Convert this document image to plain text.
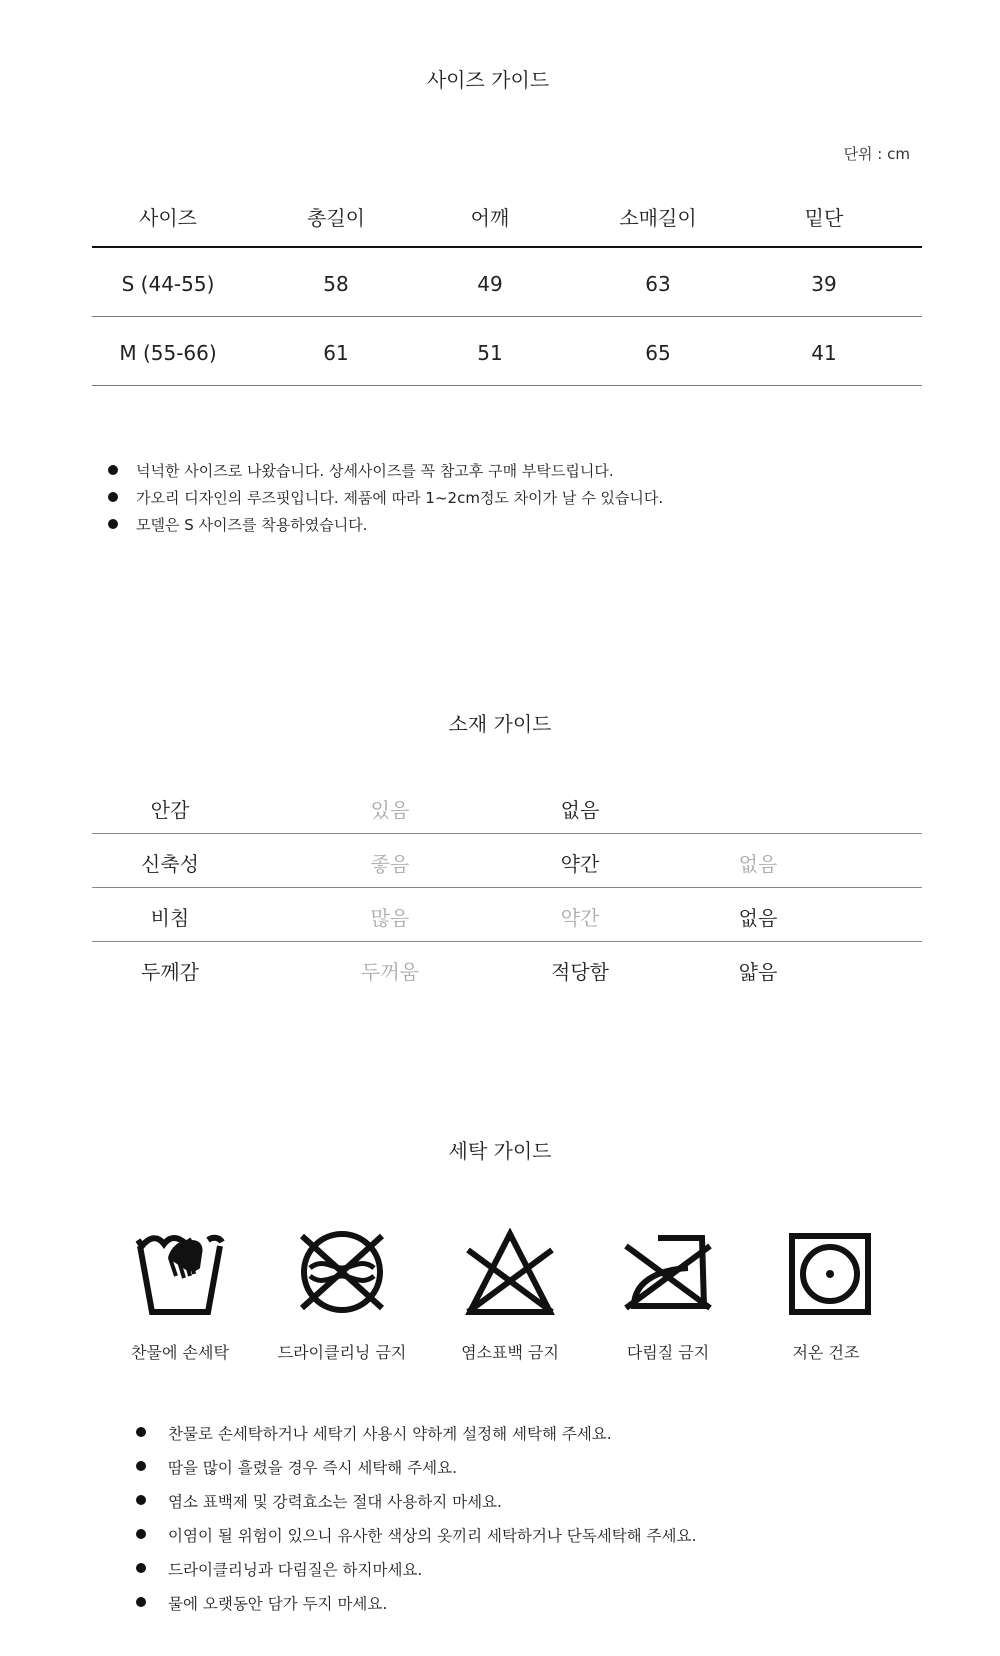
사이즈 가이드
단위 : cm
사이즈	총길이	어깨	소매길이	밑단
S (44-55)	58	49	63	39
M (55-66)	61	51	65	41
넉넉한 사이즈로 나왔습니다. 상세사이즈를 꼭 참고후 구매 부탁드립니다.
가오리 디자인의 루즈핏입니다. 제품에 따라 1~2cm정도 차이가 날 수 있습니다.
모델은 S 사이즈를 착용하였습니다.
소재 가이드
안감	있음	없음
신축성	좋음	약간	없음
비침	많음	약간	없음
두께감	두꺼움	적당함	얇음
세탁 가이드
찬물에 손세탁	드라이클리닝 금지	염소표백 금지	다림질 금지	저온 건조
찬물로 손세탁하거나 세탁기 사용시 약하게 설정해 세탁해 주세요.
땀을 많이 흘렸을 경우 즉시 세탁해 주세요.
염소 표백제 및 강력효소는 절대 사용하지 마세요.
이염이 될 위험이 있으니 유사한 색상의 옷끼리 세탁하거나 단독세탁해 주세요.
드라이클리닝과 다림질은 하지마세요.
물에 오랫동안 담가 두지 마세요.
